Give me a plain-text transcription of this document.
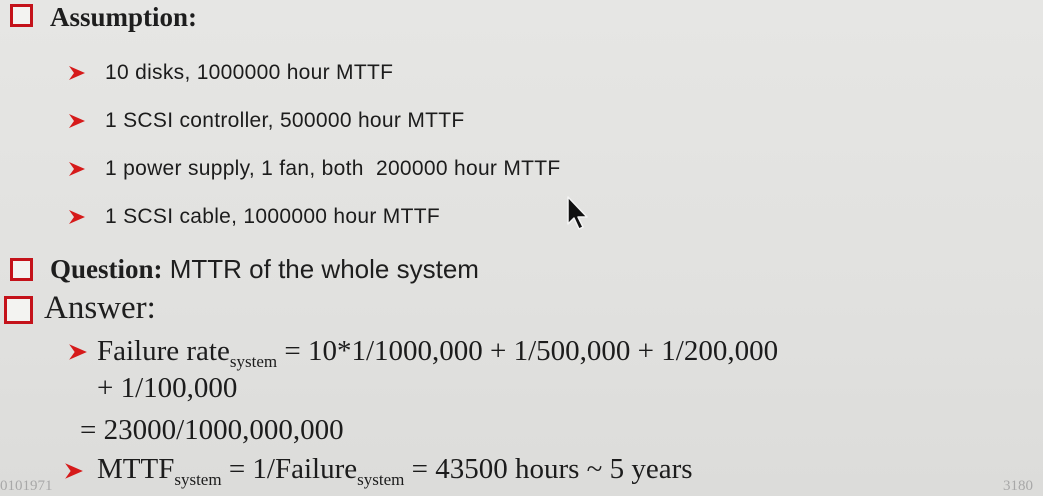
Assumption:
10 disks, 1000000 hour MTTF
1 SCSI controller, 500000 hour MTTF
1 power supply, 1 fan, both  200000 hour MTTF
1 SCSI cable, 1000000 hour MTTF
Question: MTTR of the whole system
Answer:
Failure rate$_{system}$ = 10*1/1000,000 + 1/500,000 + 1/200,000
+ 1/100,000
= 23000/1000,000,000
$MTTF_{system}$ = 1/Failure$_{system}$ = 43500 hours ~ 5 years
0101971	3180
